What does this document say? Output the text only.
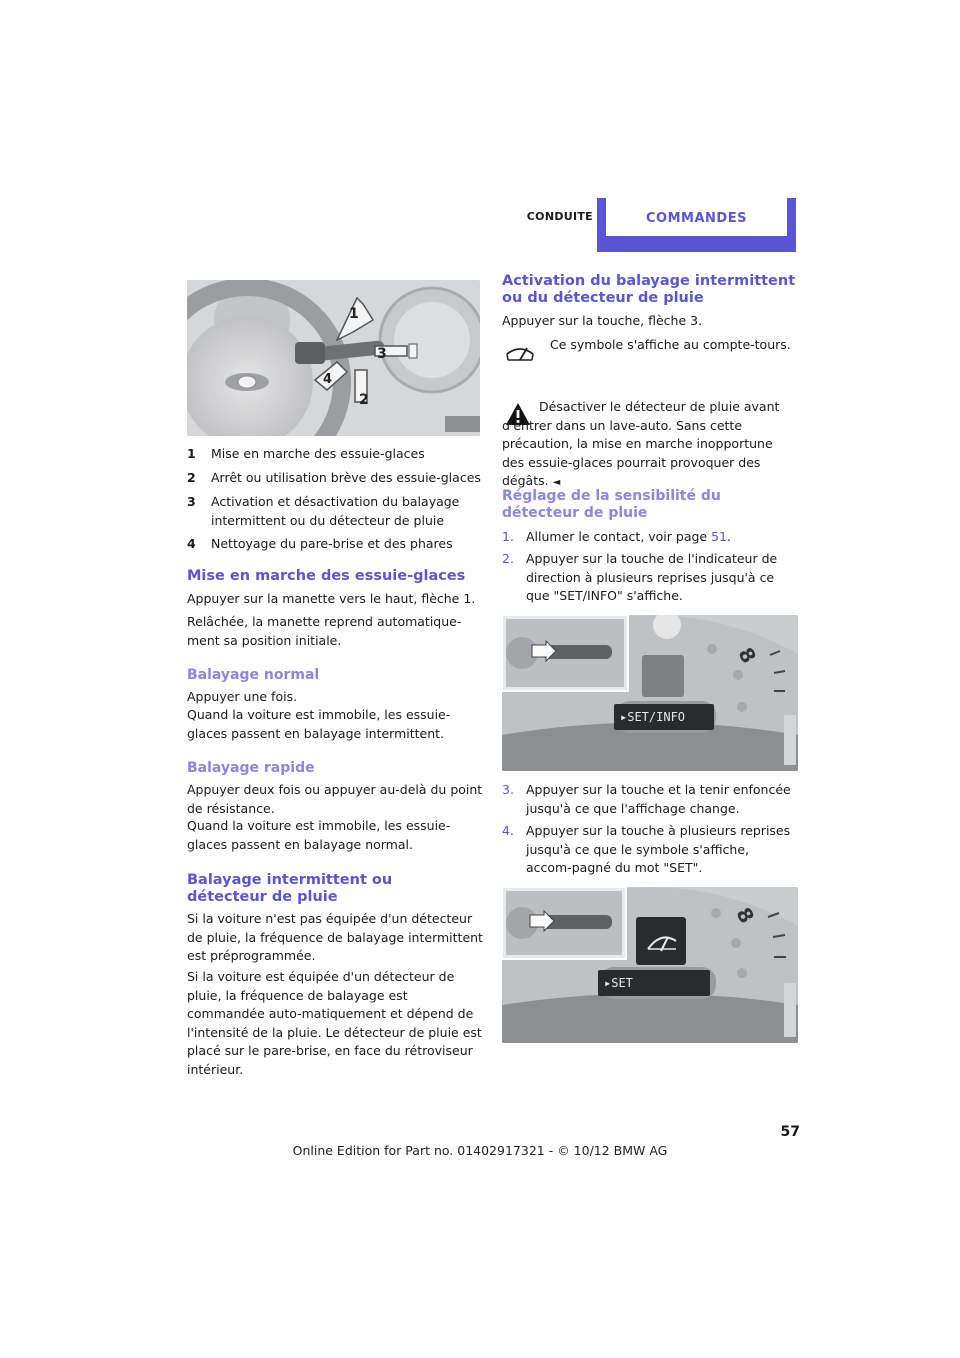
CONDUITE	COMMANDES
1
2
3
4
1 Mise en marche des essuie-glaces
2 Arrêt ou utilisation brève des essuie-glaces
3 Activation et désactivation du balayage intermittent ou du détecteur de pluie
4 Nettoyage du pare-brise et des phares
Mise en marche des essuie-glaces
Appuyer sur la manette vers le haut, flèche 1.
Relâchée, la manette reprend automatique-ment sa position initiale.
Balayage normal
Appuyer une fois.
Quand la voiture est immobile, les essuie-glaces passent en balayage intermittent.
Balayage rapide
Appuyer deux fois ou appuyer au-delà du point de résistance.
Quand la voiture est immobile, les essuie-glaces passent en balayage normal.
Balayage intermittent ou détecteur de pluie
Si la voiture n'est pas équipée d'un détecteur de pluie, la fréquence de balayage intermittent est préprogrammée.
Si la voiture est équipée d'un détecteur de pluie, la fréquence de balayage est commandée auto-matiquement et dépend de l'intensité de la pluie. Le détecteur de pluie est placé sur le pare-brise, en face du rétroviseur intérieur.
Activation du balayage intermittent ou du détecteur de pluie
Appuyer sur la touche, flèche 3.
Ce symbole s'affiche au compte-tours.
Désactiver le détecteur de pluie avant d'entrer dans un lave-auto. Sans cette précaution, la mise en marche inopportune des essuie-glaces pourrait provoquer des dégâts. ◄
Réglage de la sensibilité du détecteur de pluie
1. Allumer le contact, voir page 51.
2. Appuyer sur la touche de l'indicateur de direction à plusieurs reprises jusqu'à ce que "SET/INFO" s'affiche.
8
▸SET/INFO
3. Appuyer sur la touche et la tenir enfoncée jusqu'à ce que l'affichage change.
4. Appuyer sur la touche à plusieurs reprises jusqu'à ce que le symbole s'affiche, accom-pagné du mot "SET".
8
▸SET
57
Online Edition for Part no. 01402917321 - © 10/12 BMW AG
